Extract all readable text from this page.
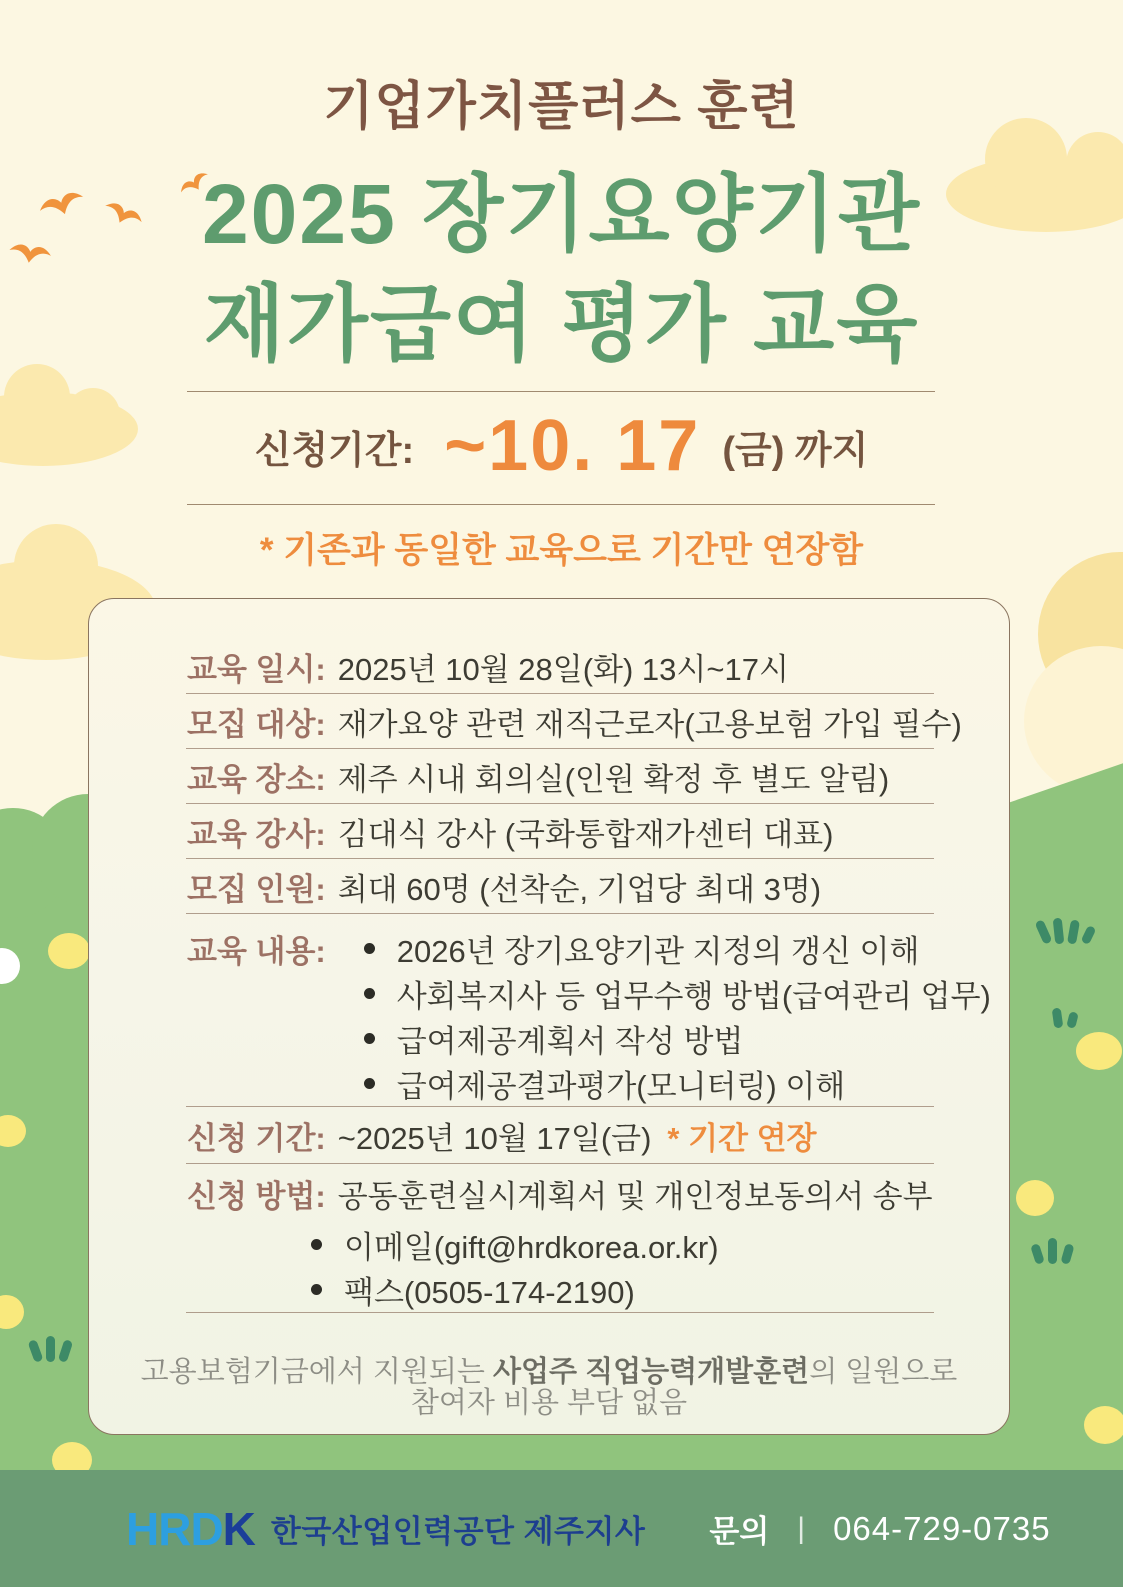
기업가치플러스 훈련
2025 장기요양기관
재가급여 평가 교육
신청기간: ~10. 17 (금) 까지
* 기존과 동일한 교육으로 기간만 연장함
교육 일시: 2025년 10월 28일(화) 13시~17시
모집 대상: 재가요양 관련 재직근로자(고용보험 가입 필수)
교육 장소: 제주 시내 회의실(인원 확정 후 별도 알림)
교육 강사: 김대식 강사 (국화통합재가센터 대표)
모집 인원: 최대 60명 (선착순, 기업당 최대 3명)
교육 내용: 2026년 장기요양기관 지정의 갱신 이해
사회복지사 등 업무수행 방법(급여관리 업무)
급여제공계획서 작성 방법
급여제공결과평가(모니터링) 이해
신청 기간: ~2025년 10월 17일(금) * 기간 연장
신청 방법: 공동훈련실시계획서 및 개인정보동의서 송부
이메일(gift@hrdkorea.or.kr)
팩스(0505-174-2190)
고용보험기금에서 지원되는 사업주 직업능력개발훈련의 일원으로
참여자 비용 부담 없음
HRD K 한국산업인력공단 제주지사 문의 | 064-729-0735
